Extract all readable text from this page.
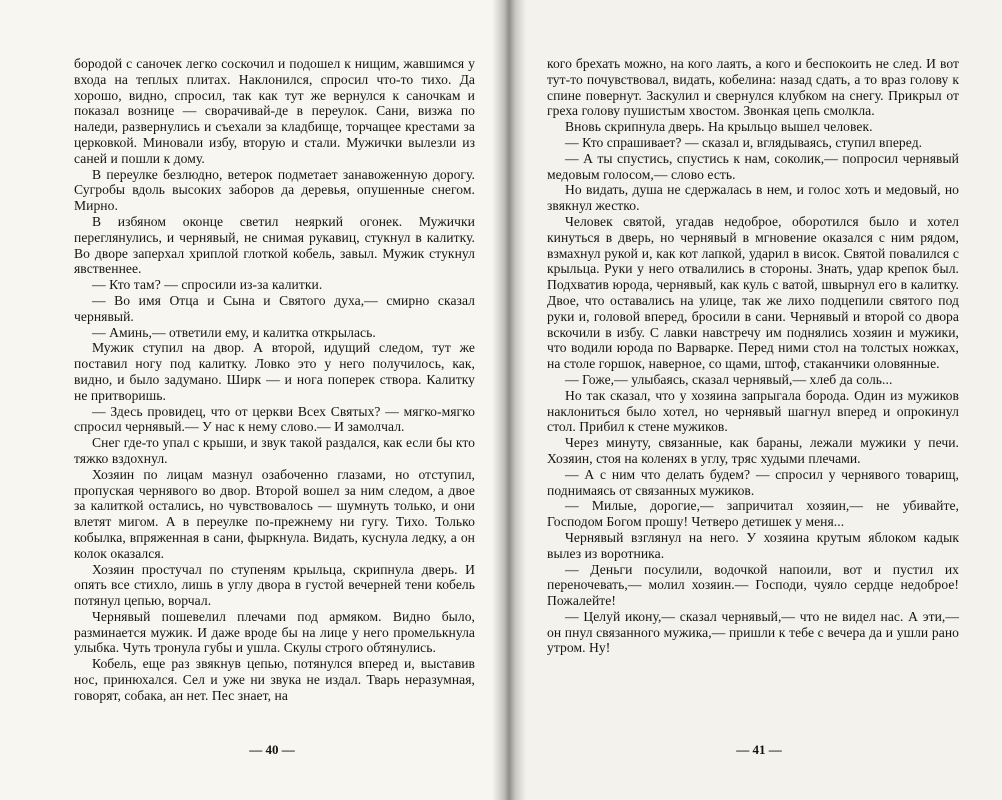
бородой с саночек легко соскочил и подошел к нищим, жавшимся у входа на теплых плитах. Наклонился, спросил что-то тихо. Да хорошо, видно, спросил, так как тут же вернулся к саночкам и показал вознице — сворачивай-де в переулок. Сани, визжа по наледи, развернулись и съехали за кладбище, торчащее крестами за церковкой. Миновали избу, вторую и стали. Мужички вылезли из саней и пошли к дому.

В переулке безлюдно, ветерок подметает занавоженную дорогу. Сугробы вдоль высоких заборов да деревья, опушенные снегом. Мирно.

В избяном оконце светил неяркий огонек. Мужички переглянулись, и чернявый, не снимая рукавиц, стукнул в калитку. Во дворе заперхал хриплой глоткой кобель, завыл. Мужик стукнул явственнее.

— Кто там? — спросили из-за калитки.

— Во имя Отца и Сына и Святого духа,— смирно сказал чернявый.

— Аминь,— ответили ему, и калитка открылась.

Мужик ступил на двор. А второй, идущий следом, тут же поставил ногу под калитку. Ловко это у него получилось, как, видно, и было задумано. Ширк — и нога поперек створа. Калитку не притворишь.

— Здесь провидец, что от церкви Всех Святых? — мягко-мягко спросил чернявый.— У нас к нему слово.— И замолчал.

Снег где-то упал с крыши, и звук такой раздался, как если бы кто тяжко вздохнул.

Хозяин по лицам мазнул озабоченно глазами, но отступил, пропуская чернявого во двор. Второй вошел за ним следом, а двое за калиткой остались, но чувствовалось — шумнуть только, и они влетят мигом. А в переулке по-прежнему ни гугу. Тихо. Только кобылка, впряженная в сани, фыркнула. Видать, куснула ледку, а он колок оказался.

Хозяин простучал по ступеням крыльца, скрипнула дверь. И опять все стихло, лишь в углу двора в густой вечерней тени кобель потянул цепью, ворчал.

Чернявый пошевелил плечами под армяком. Видно было, разминается мужик. И даже вроде бы на лице у него промелькнула улыбка. Чуть тронула губы и ушла. Скулы строго обтянулись.

Кобель, еще раз звякнув цепью, потянулся вперед и, выставив нос, принюхался. Сел и уже ни звука не издал. Тварь неразумная, говорят, собака, ан нет. Пес знает, на

— 40 —

кого брехать можно, на кого лаять, а кого и беспокоить не след. И вот тут-то почувствовал, видать, кобелина: назад сдать, а то враз голову к спине повернут. Заскулил и свернулся клубком на снегу. Прикрыл от греха голову пушистым хвостом. Звонкая цепь смолкла.

Вновь скрипнула дверь. На крыльцо вышел человек.

— Кто спрашивает? — сказал и, вглядываясь, ступил вперед.

— А ты спустись, спустись к нам, соколик,— попросил чернявый медовым голосом,— слово есть.

Но видать, душа не сдержалась в нем, и голос хоть и медовый, но звякнул жестко.

Человек святой, угадав недоброе, оборотился было и хотел кинуться в дверь, но чернявый в мгновение оказался с ним рядом, взмахнул рукой и, как кот лапкой, ударил в висок. Святой повалился с крыльца. Руки у него отвалились в стороны. Знать, удар крепок был. Подхватив юрода, чернявый, как куль с ватой, швырнул его в калитку. Двое, что оставались на улице, так же лихо подцепили святого под руки и, головой вперед, бросили в сани. Чернявый и второй со двора вскочили в избу. С лавки навстречу им поднялись хозяин и мужики, что водили юрода по Варварке. Перед ними стол на толстых ножках, на столе горшок, наверное, со щами, штоф, стаканчики оловянные.

— Гоже,— улыбаясь, сказал чернявый,— хлеб да соль...

Но так сказал, что у хозяина запрыгала борода. Один из мужиков наклониться было хотел, но чернявый шагнул вперед и опрокинул стол. Прибил к стене мужиков.

Через минуту, связанные, как бараны, лежали мужики у печи. Хозяин, стоя на коленях в углу, тряс худыми плечами.

— А с ним что делать будем? — спросил у чернявого товарищ, поднимаясь от связанных мужиков.

— Милые, дорогие,— запричитал хозяин,— не убивайте, Господом Богом прошу! Четверо детишек у меня...

Чернявый взглянул на него. У хозяина крутым яблоком кадык вылез из воротника.

— Деньги посулили, водочкой напоили, вот и пустил их переночевать,— молил хозяин.— Господи, чуяло сердце недоброе! Пожалейте!

— Целуй икону,— сказал чернявый,— что не видел нас. А эти,— он пнул связанного мужика,— пришли к тебе с вечера да и ушли рано утром. Ну!

— 41 —
